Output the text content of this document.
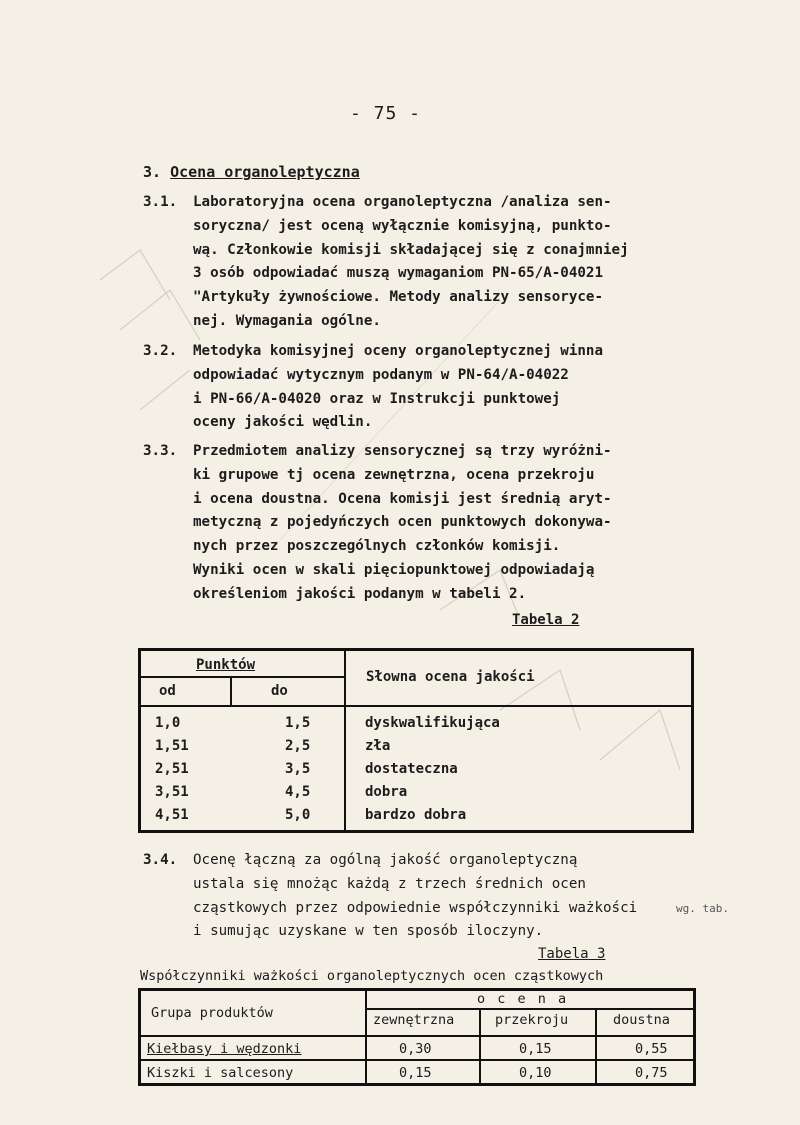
- 75 -
3. Ocena organoleptyczna
3.1.	Laboratoryjna ocena organoleptyczna /analiza sen-
soryczna/ jest oceną wyłącznie komisyjną, punkto-
wą. Członkowie komisji składającej się z conajmniej
3 osób odpowiadać muszą wymaganiom PN-65/A-04021
"Artykuły żywnościowe. Metody analizy sensoryce-
nej. Wymagania ogólne.
3.2.	Metodyka komisyjnej oceny organoleptycznej winna
odpowiadać wytycznym podanym w PN-64/A-04022
i PN-66/A-04020 oraz w Instrukcji punktowej
oceny jakości wędlin.
3.3.	Przedmiotem analizy sensorycznej są trzy wyróżni-
ki grupowe tj ocena zewnętrzna, ocena przekroju
i ocena doustna. Ocena komisji jest średnią aryt-
metyczną z pojedyńczych ocen punktowych dokonywa-
nych przez poszczególnych członków komisji.
Wyniki ocen w skali pięciopunktowej odpowiadają
określeniom jakości podanym w tabeli 2.
Tabela 2
Punktów
od	do
Słowna ocena jakości
1,0	1,5	dyskwalifikująca
1,51	2,5	zła
2,51	3,5	dostateczna
3,51	4,5	dobra
4,51	5,0	bardzo dobra
3.4.	Ocenę łączną za ogólną jakość organoleptyczną
ustala się mnożąc każdą z trzech średnich ocen
cząstkowych przez odpowiednie współczynniki ważkości
i sumując uzyskane w ten sposób iloczyny.
wg. tab.
Tabela 3
Współczynniki ważkości organoleptycznych ocen cząstkowych
Grupa produktów
o c e n a
zewnętrzna	przekroju	doustna
Kiełbasy i wędzonki	0,30	0,15	0,55
Kiszki i salcesony	0,15	0,10	0,75
